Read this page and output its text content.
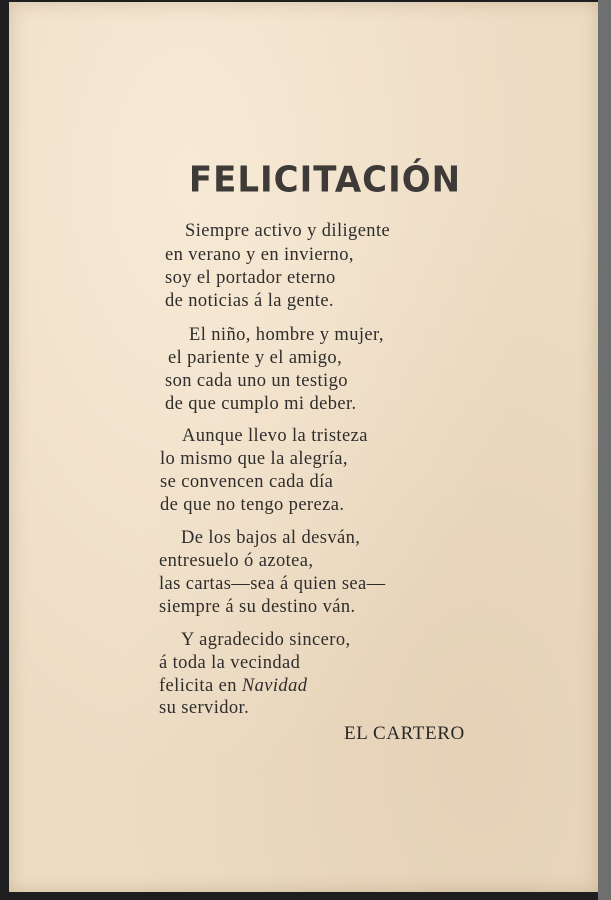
FELICITACIÓN
Siempre activo y diligente
en verano y en invierno,
soy el portador eterno
de noticias á la gente.
El niño, hombre y mujer,
el pariente y el amigo,
son cada uno un testigo
de que cumplo mi deber.
Aunque llevo la tristeza
lo mismo que la alegría,
se convencen cada día
de que no tengo pereza.
De los bajos al desván,
entresuelo ó azotea,
las cartas—sea á quien sea—
siempre á su destino ván.
Y agradecido sincero,
á toda la vecindad
felicita en Navidad
su servidor.
EL CARTERO
